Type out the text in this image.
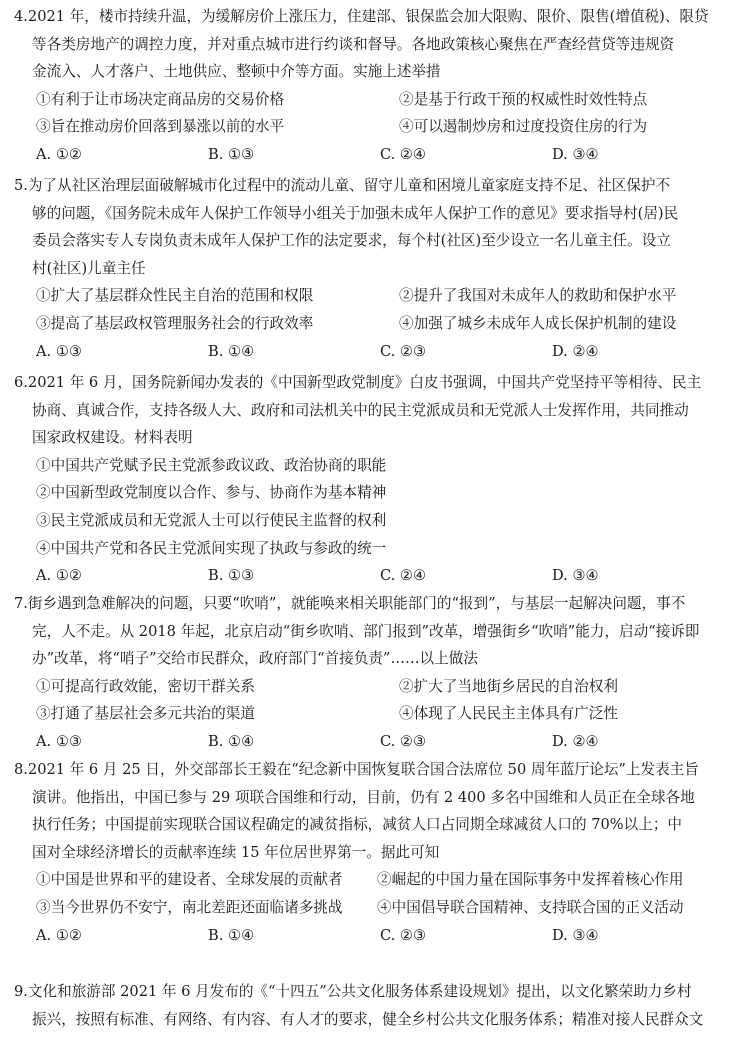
4.2021 年，楼市持续升温，为缓解房价上涨压力，住建部、银保监会加大限购、限价、限售(增值税)、限贷
等各类房地产的调控力度，并对重点城市进行约谈和督导。各地政策核心聚焦在严查经营贷等违规资
金流入、人才落户、土地供应、整顿中介等方面。实施上述举措
①有利于让市场决定商品房的交易价格	②是基于行政干预的权威性时效性特点
③旨在推动房价回落到暴涨以前的水平	④可以遏制炒房和过度投资住房的行为
A. ①②	B. ①③	C. ②④	D. ③④
5.为了从社区治理层面破解城市化过程中的流动儿童、留守儿童和困境儿童家庭支持不足、社区保护不
够的问题，《国务院未成年人保护工作领导小组关于加强未成年人保护工作的意见》要求指导村(居)民
委员会落实专人专岗负责未成年人保护工作的法定要求，每个村(社区)至少设立一名儿童主任。设立
村(社区)儿童主任
①扩大了基层群众性民主自治的范围和权限	②提升了我国对未成年人的救助和保护水平
③提高了基层政权管理服务社会的行政效率	④加强了城乡未成年人成长保护机制的建设
A. ①③	B. ①④	C. ②③	D. ②④
6.2021 年 6 月，国务院新闻办发表的《中国新型政党制度》白皮书强调，中国共产党坚持平等相待、民主
协商、真诚合作，支持各级人大、政府和司法机关中的民主党派成员和无党派人士发挥作用，共同推动
国家政权建设。材料表明
①中国共产党赋予民主党派参政议政、政治协商的职能
②中国新型政党制度以合作、参与、协商作为基本精神
③民主党派成员和无党派人士可以行使民主监督的权利
④中国共产党和各民主党派间实现了执政与参政的统一
A. ①②	B. ①③	C. ②④	D. ③④
7.街乡遇到急难解决的问题，只要“吹哨”，就能唤来相关职能部门的“报到”，与基层一起解决问题，事不
完，人不走。从 2018 年起，北京启动“街乡吹哨、部门报到”改革，增强街乡“吹哨”能力，启动“接诉即
办”改革，将“哨子”交给市民群众，政府部门“首接负责”……以上做法
①可提高行政效能，密切干群关系	②扩大了当地街乡居民的自治权利
③打通了基层社会多元共治的渠道	④体现了人民民主主体具有广泛性
A. ①③	B. ①④	C. ②③	D. ②④
8.2021 年 6 月 25 日，外交部部长王毅在“纪念新中国恢复联合国合法席位 50 周年蓝厅论坛”上发表主旨
演讲。他指出，中国已参与 29 项联合国维和行动，目前，仍有 2 400 多名中国维和人员正在全球各地
执行任务；中国提前实现联合国议程确定的减贫指标，减贫人口占同期全球减贫人口的 70%以上；中
国对全球经济增长的贡献率连续 15 年位居世界第一。据此可知
①中国是世界和平的建设者、全球发展的贡献者	②崛起的中国力量在国际事务中发挥着核心作用
③当今世界仍不安宁，南北差距还面临诸多挑战	④中国倡导联合国精神、支持联合国的正义活动
A. ①②	B. ①④	C. ②③	D. ③④
9.文化和旅游部 2021 年 6 月发布的《“十四五”公共文化服务体系建设规划》提出，以文化繁荣助力乡村
振兴，按照有标准、有网络、有内容、有人才的要求，健全乡村公共文化服务体系；精准对接人民群众文
